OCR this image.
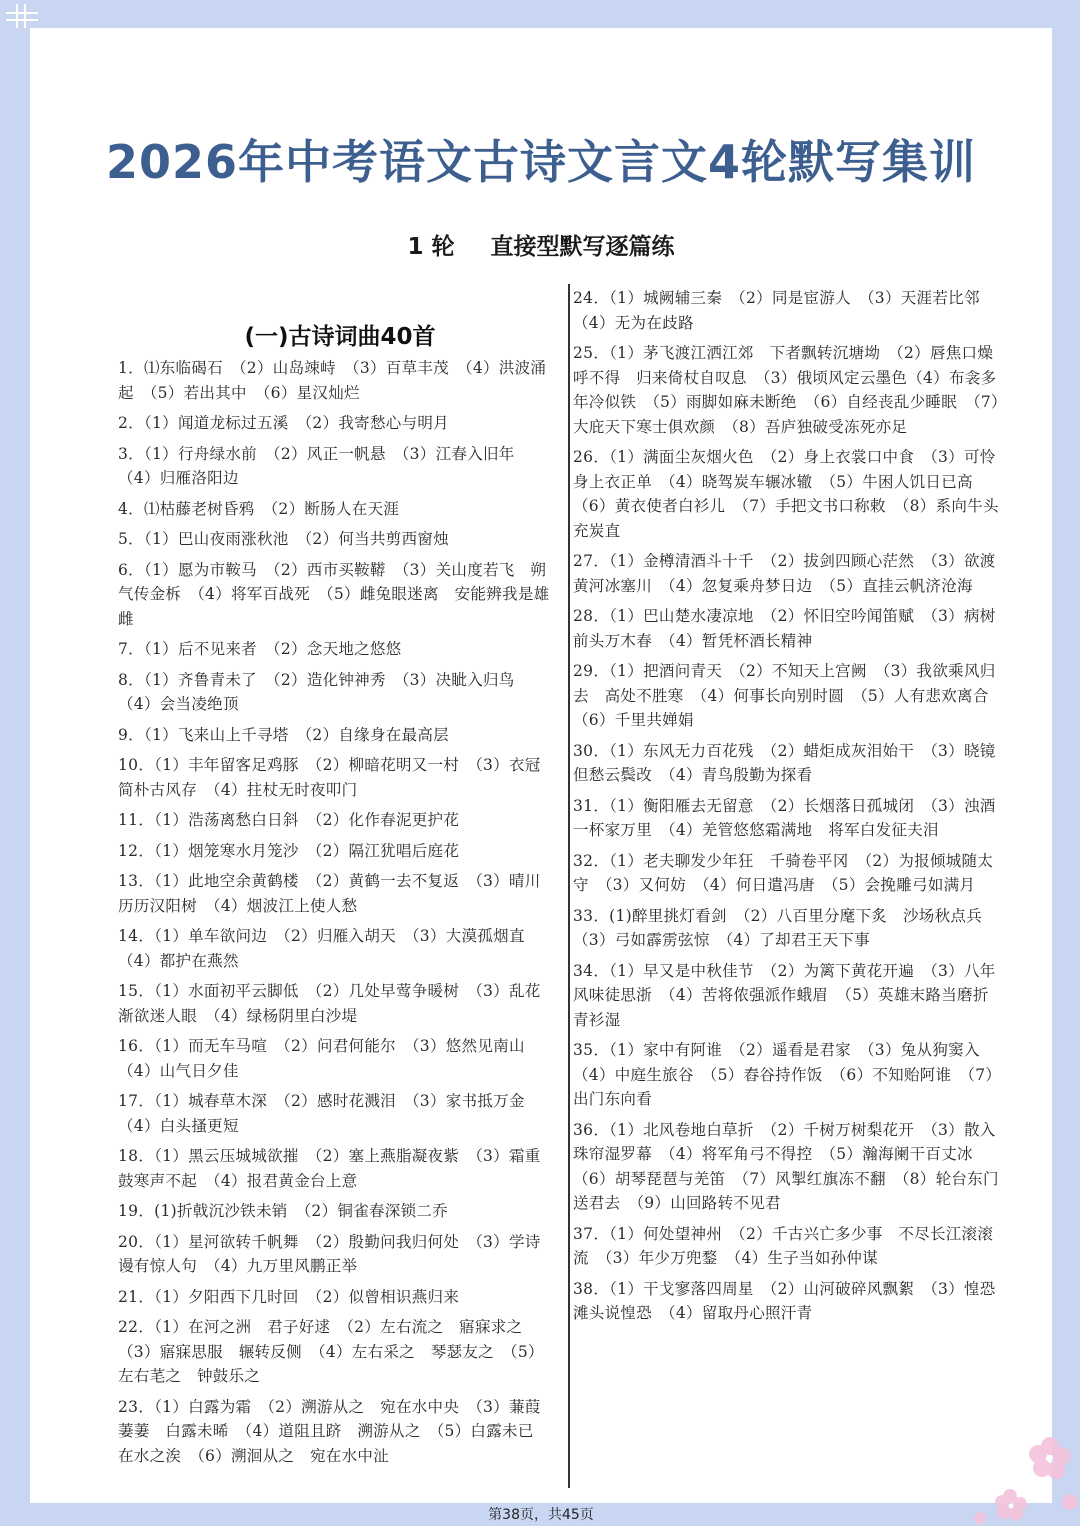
2026年中考语文古诗文言文4轮默写集训
1 轮 直接型默写逐篇练
(一)古诗词曲40首

1．⑴东临碣石　（2）山岛竦峙　（3）百草丰茂　（4）洪波涌起　（5）若出其中　（6）星汉灿烂

2．（1）闻道龙标过五溪　（2）我寄愁心与明月

3．（1）行舟绿水前　（2）风正一帆悬　（3）江春入旧年　（4）归雁洛阳边

4．⑴枯藤老树昏鸦　（2）断肠人在天涯

5．（1）巴山夜雨涨秋池　（2）何当共剪西窗烛

6．（1）愿为市鞍马　（2）西市买鞍鞯　（3）关山度若飞　朔气传金柝　（4）将军百战死　（5）雌兔眼迷离　安能辨我是雄雌

7．（1）后不见来者　（2）念天地之悠悠

8．（1）齐鲁青未了　（2）造化钟神秀　（3）决眦入归鸟　（4）会当凌绝顶

9．（1）飞来山上千寻塔　（2）自缘身在最高层

10．（1）丰年留客足鸡豚　（2）柳暗花明又一村　（3）衣冠简朴古风存　（4）拄杖无时夜叩门

11．（1）浩荡离愁白日斜　（2）化作春泥更护花

12．（1）烟笼寒水月笼沙　（2）隔江犹唱后庭花

13．（1）此地空余黄鹤楼　（2）黄鹤一去不复返　（3）晴川历历汉阳树　（4）烟波江上使人愁

14．（1）单车欲问边　（2）归雁入胡天　（3）大漠孤烟直　（4）都护在燕然

15．（1）水面初平云脚低　（2）几处早莺争暖树　（3）乱花渐欲迷人眼　（4）绿杨阴里白沙堤

16．（1）而无车马喧　（2）问君何能尔　（3）悠然见南山　（4）山气日夕佳

17．（1）城春草木深　（2）感时花溅泪　（3）家书抵万金　（4）白头搔更短

18．（1）黑云压城城欲摧　（2）塞上燕脂凝夜紫　（3）霜重鼓寒声不起　（4）报君黄金台上意

19．(1)折戟沉沙铁未销　（2）铜雀春深锁二乔

20．（1）星河欲转千帆舞　（2）殷勤问我归何处　（3）学诗谩有惊人句　（4）九万里风鹏正举

21．（1）夕阳西下几时回　（2）似曾相识燕归来

22．（1）在河之洲　君子好逑　（2）左右流之　寤寐求之　（3）寤寐思服　辗转反侧　（4）左右采之　琴瑟友之　（5）左右芼之　钟鼓乐之

23．（1）白露为霜　（2）溯游从之　宛在水中央　（3）蒹葭萋萋　白露未晞　（4）道阻且跻　溯游从之　（5）白露未已　在水之涘　（6）溯洄从之　宛在水中沚

24．（1）城阙辅三秦　（2）同是宦游人　（3）天涯若比邻　（4）无为在歧路

25．（1）茅飞渡江洒江郊　下者飘转沉塘坳　（2）唇焦口燥呼不得　归来倚杖自叹息　（3）俄顷风定云墨色（4）布衾多年冷似铁　（5）雨脚如麻未断绝　（6）自经丧乱少睡眠　（7）大庇天下寒士俱欢颜　（8）吾庐独破受冻死亦足

26．（1）满面尘灰烟火色　（2）身上衣裳口中食　（3）可怜身上衣正单　（4）晓驾炭车辗冰辙　（5）牛困人饥日已高　（6）黄衣使者白衫儿　（7）手把文书口称敕　（8）系向牛头充炭直

27．（1）金樽清酒斗十千　（2）拔剑四顾心茫然　（3）欲渡黄河冰塞川　（4）忽复乘舟梦日边　（5）直挂云帆济沧海

28．（1）巴山楚水凄凉地　（2）怀旧空吟闻笛赋　（3）病树前头万木春　（4）暂凭杯酒长精神

29．（1）把酒问青天　（2）不知天上宫阙　（3）我欲乘风归去　高处不胜寒　（4）何事长向别时圆　（5）人有悲欢离合　（6）千里共婵娟

30．（1）东风无力百花残　（2）蜡炬成灰泪始干　（3）晓镜但愁云鬓改　（4）青鸟殷勤为探看

31．（1）衡阳雁去无留意　（2）长烟落日孤城闭　（3）浊酒一杯家万里　（4）羌管悠悠霜满地　将军白发征夫泪

32．（1）老夫聊发少年狂　千骑卷平冈　（2）为报倾城随太守　（3）又何妨　（4）何日遣冯唐　（5）会挽雕弓如满月

33．(1)醉里挑灯看剑　（2）八百里分麾下炙　沙场秋点兵　（3）弓如霹雳弦惊　（4）了却君王天下事

34．（1）早又是中秋佳节　（2）为篱下黄花开遍　（3）八年风味徒思浙　（4）苦将侬强派作蛾眉　（5）英雄末路当磨折　青衫湿

35．（1）家中有阿谁　（2）遥看是君家　（3）兔从狗窦入　（4）中庭生旅谷　（5）舂谷持作饭　（6）不知贻阿谁　（7）出门东向看

36．（1）北风卷地白草折　（2）千树万树梨花开　（3）散入珠帘湿罗幕　（4）将军角弓不得控　（5）瀚海阑干百丈冰　（6）胡琴琵琶与羌笛　（7）风掣红旗冻不翻　（8）轮台东门送君去　（9）山回路转不见君

37．（1）何处望神州　（2）千古兴亡多少事　不尽长江滚滚流　（3）年少万兜鍪　（4）生子当如孙仲谋

38．（1）干戈寥落四周星　（2）山河破碎风飘絮　（3）惶恐滩头说惶恐　（4）留取丹心照汗青

第38页，共45页
